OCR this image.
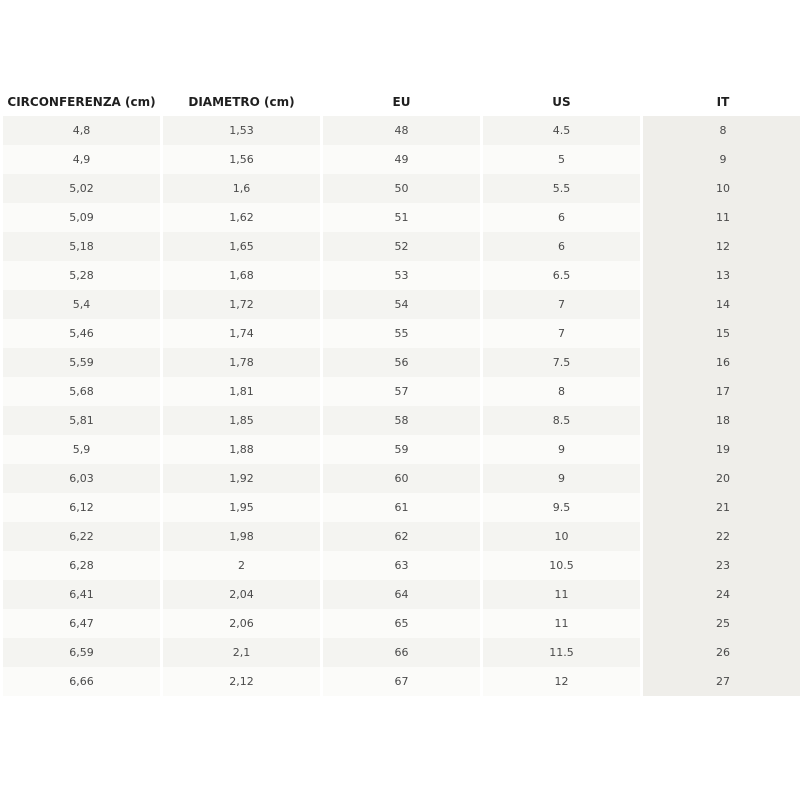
CIRCONFERENZA (cm)	DIAMETRO (cm)	EU	US	IT
4,8	1,53	48	4.5	8
4,9	1,56	49	5	9
5,02	1,6	50	5.5	10
5,09	1,62	51	6	11
5,18	1,65	52	6	12
5,28	1,68	53	6.5	13
5,4	1,72	54	7	14
5,46	1,74	55	7	15
5,59	1,78	56	7.5	16
5,68	1,81	57	8	17
5,81	1,85	58	8.5	18
5,9	1,88	59	9	19
6,03	1,92	60	9	20
6,12	1,95	61	9.5	21
6,22	1,98	62	10	22
6,28	2	63	10.5	23
6,41	2,04	64	11	24
6,47	2,06	65	11	25
6,59	2,1	66	11.5	26
6,66	2,12	67	12	27
